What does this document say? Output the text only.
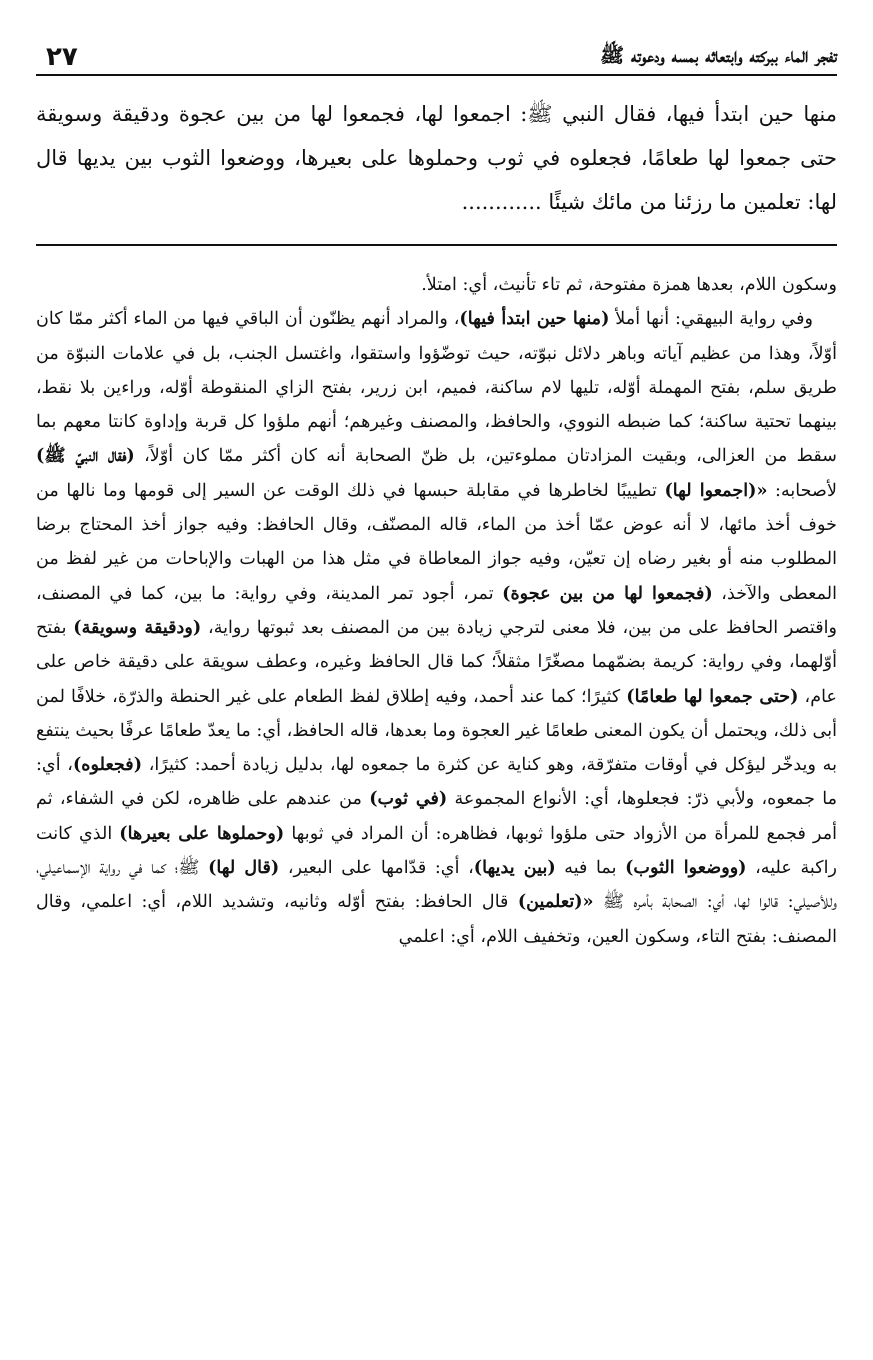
تفجر الماء ببركته وابتعاثه بمسه ودعوته ﷺ
٢٧
منها حين ابتدأ فيها، فقال النبي ﷺ: اجمعوا لها، فجمعوا لها من بين عجوة ودقيقة وسويقة حتى جمعوا لها طعامًا، فجعلوه في ثوب وحملوها على بعيرها، ووضعوا الثوب بين يديها قال لها: تعلمين ما رزئنا من مائك شيئًا ............

وسكون اللام، بعدها همزة مفتوحة، ثم تاء تأنيث، أي: امتلأ.

وفي رواية البيهقي: أنها أملأ (منها حين ابتدأ فيها)، والمراد أنهم يظنّون أن الباقي فيها من الماء أكثر ممّا كان أوّلاً، وهذا من عظيم آياته وباهر دلائل نبوّته، حيث توضّؤوا واستقوا، واغتسل الجنب، بل في علامات النبوّة من طريق سلم، بفتح المهملة أوّله، تليها لام ساكنة، فميم، ابن زرير، بفتح الزاي المنقوطة أوّله، وراءين بلا نقط، بينهما تحتية ساكنة؛ كما ضبطه النووي، والحافظ، والمصنف وغيرهم؛ أنهم ملؤوا كل قربة وإداوة كانتا معهم بما سقط من العزالى، وبقيت المزادتان مملوءتين، بل ظنّ الصحابة أنه كان أكثر ممّا كان أوّلاً، (فقال النبيّ ﷺ) لأصحابه: «(اجمعوا لها) تطييبًا لخاطرها في مقابلة حبسها في ذلك الوقت عن السير إلى قومها وما نالها من خوف أخذ مائها، لا أنه عوض عمّا أخذ من الماء، قاله المصنّف، وقال الحافظ: وفيه جواز أخذ المحتاج برضا المطلوب منه أو بغير رضاه إن تعيّن، وفيه جواز المعاطاة في مثل هذا من الهبات والإباحات من غير لفظ من المعطى والآخذ، (فجمعوا لها من بين عجوة) تمر، أجود تمر المدينة، وفي رواية: ما بين، كما في المصنف، واقتصر الحافظ على من بين، فلا معنى لترجي زيادة بين من المصنف بعد ثبوتها رواية، (ودقيقة وسويقة) بفتح أوّلهما، وفي رواية: كريمة بضمّهما مصغّرًا مثقلاً؛ كما قال الحافظ وغيره، وعطف سويقة على دقيقة خاص على عام، (حتى جمعوا لها طعامًا) كثيرًا؛ كما عند أحمد، وفيه إطلاق لفظ الطعام على غير الحنطة والذرّة، خلافًا لمن أبى ذلك، ويحتمل أن يكون المعنى طعامًا غير العجوة وما بعدها، قاله الحافظ، أي: ما يعدّ طعامًا عرفًا بحيث ينتفع به ويدخّر ليؤكل في أوقات متفرّقة، وهو كناية عن كثرة ما جمعوه لها، بدليل زيادة أحمد: كثيرًا، (فجعلوه)، أي: ما جمعوه، ولأبي ذرّ: فجعلوها، أي: الأنواع المجموعة (في ثوب) من عندهم على ظاهره، لكن في الشفاء، ثم أمر فجمع للمرأة من الأزواد حتى ملؤوا ثوبها، فظاهره: أن المراد في ثوبها (وحملوها على بعيرها) الذي كانت راكبة عليه، (ووضعوا الثوب) بما فيه (بين يديها)، أي: قدّامها على البعير، (قال لها) ﷺ؛ كما في رواية الإسماعيلي، وللأصيلي: قالوا لها، أي: الصحابة بأمره ﷺ «(تعلمين) قال الحافظ: بفتح أوّله وثانيه، وتشديد اللام، أي: اعلمي، وقال المصنف: بفتح التاء، وسكون العين، وتخفيف اللام، أي: اعلمي
